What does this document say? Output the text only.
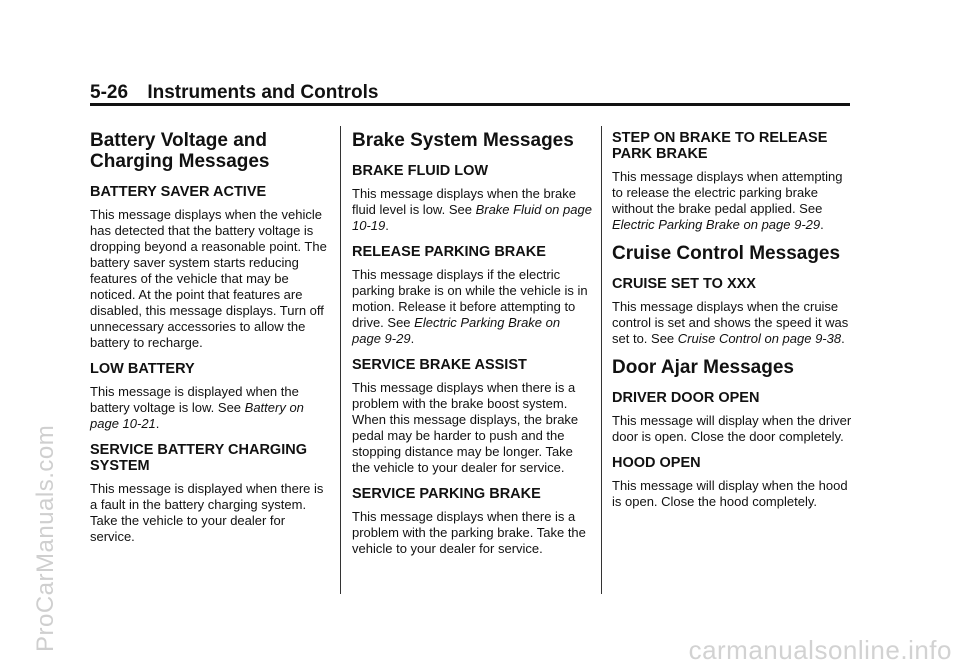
5-26 Instruments and Controls
Battery Voltage and Charging Messages
BATTERY SAVER ACTIVE

This message displays when the vehicle has detected that the battery voltage is dropping beyond a reasonable point. The battery saver system starts reducing features of the vehicle that may be noticed. At the point that features are disabled, this message displays. Turn off unnecessary accessories to allow the battery to recharge.

LOW BATTERY

This message is displayed when the battery voltage is low. See Battery on page 10-21.

SERVICE BATTERY CHARGING SYSTEM

This message is displayed when there is a fault in the battery charging system. Take the vehicle to your dealer for service.

Brake System Messages
BRAKE FLUID LOW

This message displays when the brake fluid level is low. See Brake Fluid on page 10-19.

RELEASE PARKING BRAKE

This message displays if the electric parking brake is on while the vehicle is in motion. Release it before attempting to drive. See Electric Parking Brake on page 9-29.

SERVICE BRAKE ASSIST

This message displays when there is a problem with the brake boost system. When this message displays, the brake pedal may be harder to push and the stopping distance may be longer. Take the vehicle to your dealer for service.

SERVICE PARKING BRAKE

This message displays when there is a problem with the parking brake. Take the vehicle to your dealer for service.

STEP ON BRAKE TO RELEASE PARK BRAKE

This message displays when attempting to release the electric parking brake without the brake pedal applied. See Electric Parking Brake on page 9-29.

Cruise Control Messages
CRUISE SET TO XXX

This message displays when the cruise control is set and shows the speed it was set to. See Cruise Control on page 9-38.

Door Ajar Messages
DRIVER DOOR OPEN

This message will display when the driver door is open. Close the door completely.

HOOD OPEN

This message will display when the hood is open. Close the hood completely.

ProCarManuals.com	carmanualsonline.info
